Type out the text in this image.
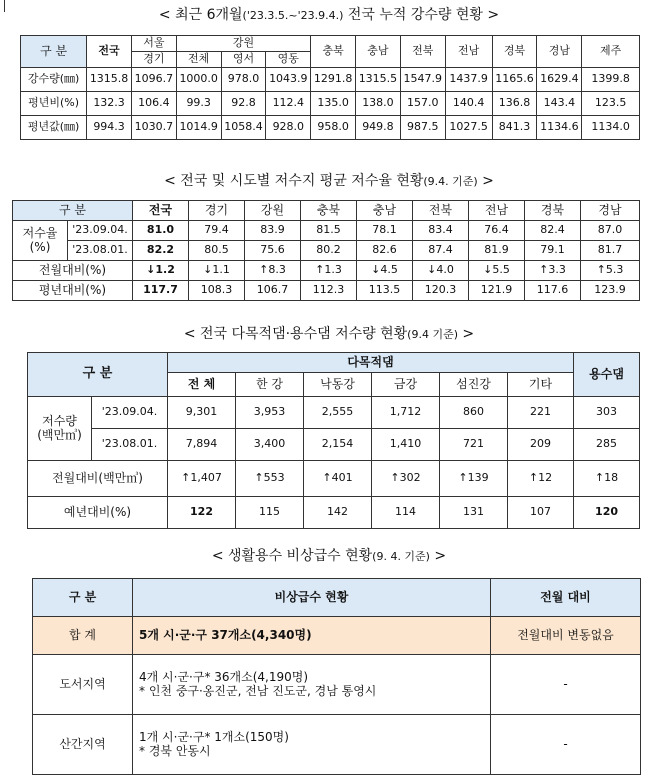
< 최근 6개월('23.3.5.~'23.9.4.) 전국 누적 강수량 현황 >
구 분	전국	서울	강원			충북	충남	전북	전남	경북	경남	제주
		경기	전체	영서	영동							
강수량(㎜)	1315.8	1096.7	1000.0	978.0	1043.9	1291.8	1315.5	1547.9	1437.9	1165.6	1629.4	1399.8
평년비(%)	132.3	106.4	99.3	92.8	112.4	135.0	138.0	157.0	140.4	136.8	143.4	123.5
평년값(㎜)	994.3	1030.7	1014.9	1058.4	928.0	958.0	949.8	987.5	1027.5	841.3	1134.6	1134.0
< 전국 및 시도별 저수지 평균 저수율 현황(9.4. 기준) >
구 분		전국	경기	강원	충북	충남	전북	전남	경북	경남

저수율
(%)	'23.09.04.	81.0	79.4	83.9	81.5	78.1	83.4	76.4	82.4	87.0
	'23.08.01.	82.2	80.5	75.6	80.2	82.6	87.4	81.9	79.1	81.7
전월대비(%)		↓1.2	↓1.1	↑8.3	↑1.3	↓4.5	↓4.0	↓5.5	↑3.3	↑5.3
평년대비(%)		117.7	108.3	106.7	112.3	113.5	120.3	121.9	117.6	123.9
< 전국 다목적댐·용수댐 저수량 현황(9.4 기준) >
구 분		다목적댐						용수댐
		전 체	한 강	낙동강	금강	섬진강	기타	

저수량
(백만㎥)	'23.09.04.	9,301	3,953	2,555	1,712	860	221	303
	'23.08.01.	7,894	3,400	2,154	1,410	721	209	285
전월대비(백만㎥)		↑1,407	↑553	↑401	↑302	↑139	↑12	↑18
예년대비(%)		122	115	142	114	131	107	120
< 생활용수 비상급수 현황(9. 4. 기준) >
구 분	비상급수 현황	전월 대비
합 계	5개 시·군·구 37개소(4,340명)	전월대비 변동없음
도서지역	4개 시·군·구* 36개소(4,190명)
* 인천 중구·옹진군, 전남 진도군, 경남 통영시	-
산간지역	1개 시·군·구* 1개소(150명)
* 경북 안동시	-
